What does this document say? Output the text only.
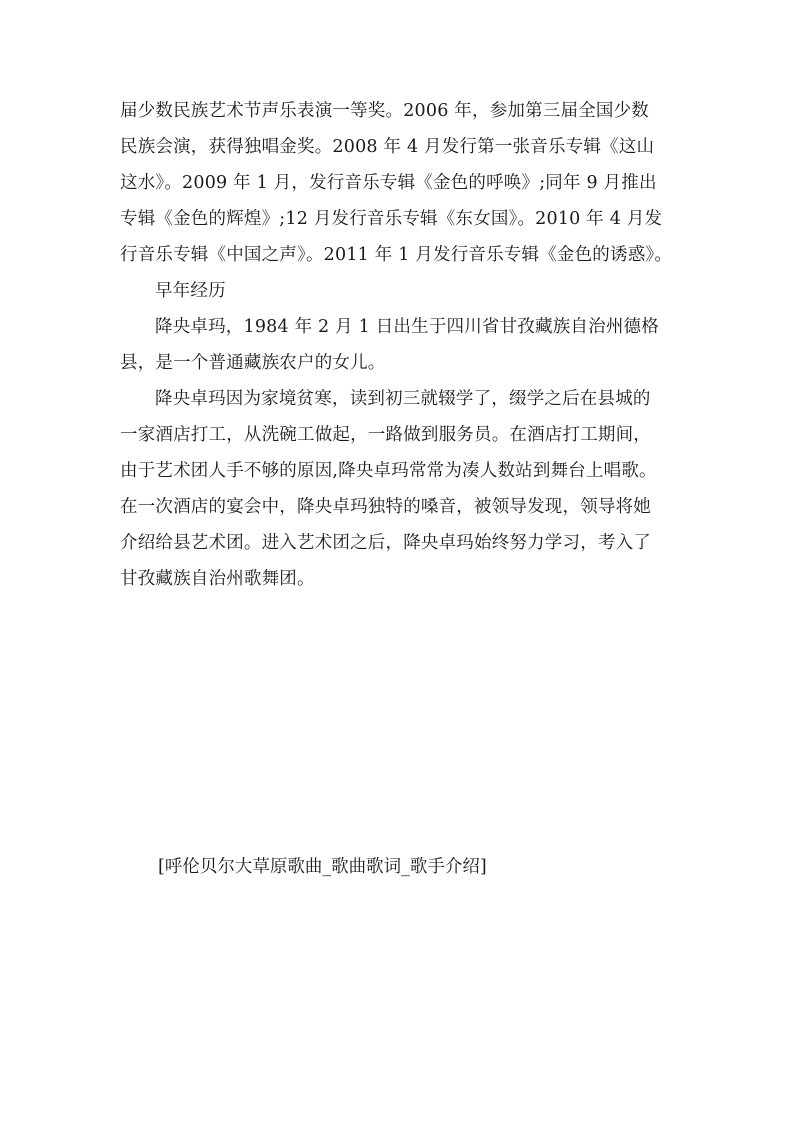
届少数民族艺术节声乐表演一等奖。2006 年，参加第三届全国少数
民族会演，获得独唱金奖。2008 年 4 月发行第一张音乐专辑《这山
这水》。2009 年 1 月，发行音乐专辑《金色的呼唤》;同年 9 月推出
专辑《金色的辉煌》;12 月发行音乐专辑《东女国》。2010 年 4 月发
行音乐专辑《中国之声》。2011 年 1 月发行音乐专辑《金色的诱惑》。

早年经历

降央卓玛，1984 年 2 月 1 日出生于四川省甘孜藏族自治州德格
县，是一个普通藏族农户的女儿。

降央卓玛因为家境贫寒，读到初三就辍学了，缀学之后在县城的
一家酒店打工，从洗碗工做起，一路做到服务员。在酒店打工期间，
由于艺术团人手不够的原因,降央卓玛常常为凑人数站到舞台上唱歌。
在一次酒店的宴会中，降央卓玛独特的嗓音，被领导发现，领导将她
介绍给县艺术团。进入艺术团之后，降央卓玛始终努力学习，考入了
甘孜藏族自治州歌舞团。

[呼伦贝尔大草原歌曲_歌曲歌词_歌手介绍]
